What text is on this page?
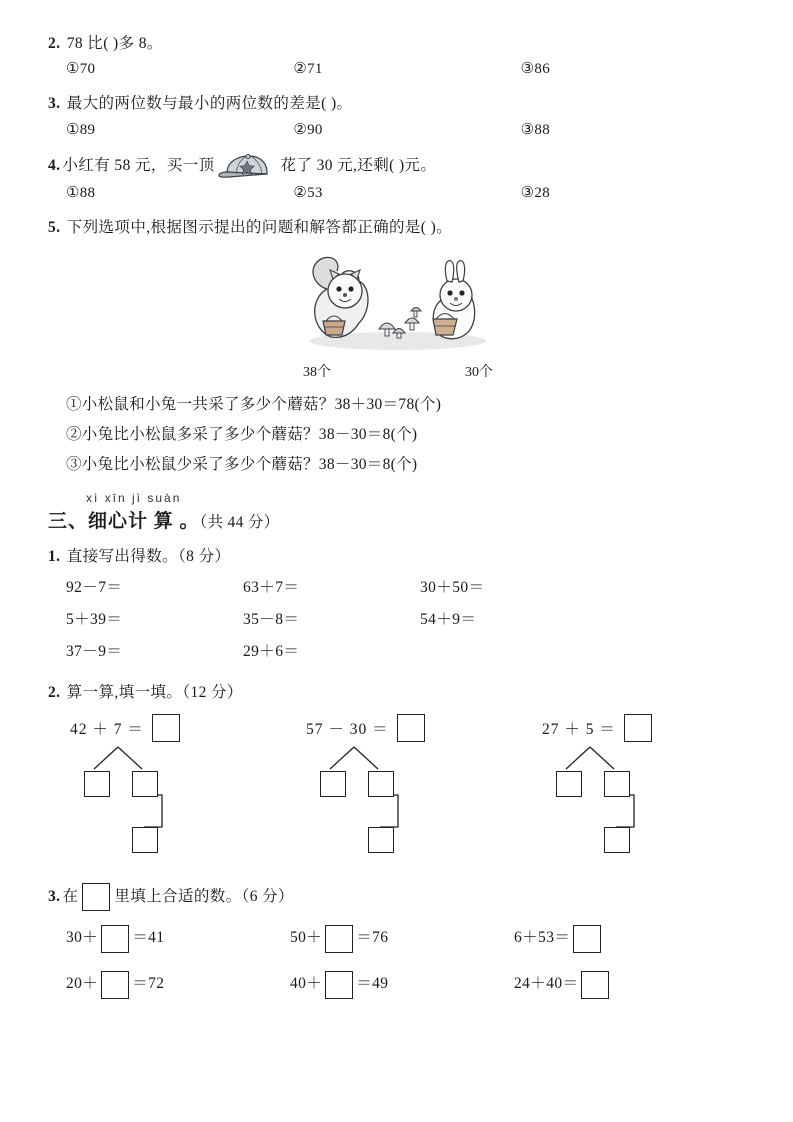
2. 78 比( )多 8。
①70	②71	③86
3. 最大的两位数与最小的两位数的差是( )。
①89	②90	③88
4. 小红有 58 元，买一顶	花了 30 元,还剩( )元。
①88	②53	③28
5. 下列选项中,根据图示提出的问题和解答都正确的是( )。
38个	30个
①小松鼠和小兔一共采了多少个蘑菇？38＋30＝78(个)
②小兔比小松鼠多采了多少个蘑菇？38－30＝8(个)
③小兔比小松鼠少采了多少个蘑菇？38－30＝8(个)
xì xīn jì suàn
三、细心计 算 。（共 44 分）
1. 直接写出得数。（8 分）
92－7＝	63＋7＝	30＋50＝
5＋39＝	35－8＝	54＋9＝
37－9＝	29＋6＝
2. 算一算,填一填。（12 分）
42 ＋ 7 ＝	57 － 30 ＝	27 ＋ 5 ＝
3. 在 里填上合适的数。（6 分）
30＋ ＝41	50＋ ＝76	6＋53＝
20＋ ＝72	40＋ ＝49	24＋40＝
